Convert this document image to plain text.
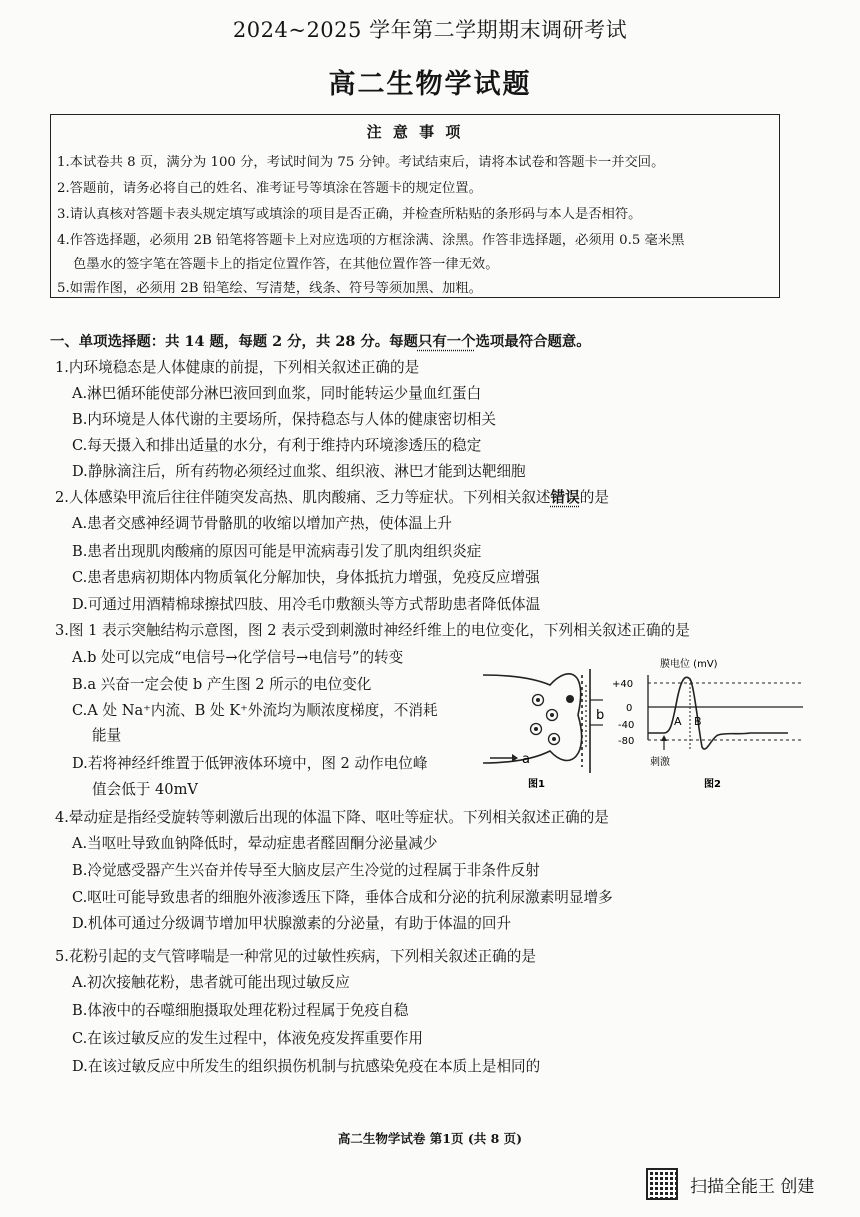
2024~2025 学年第二学期期末调研考试
高二生物学试题
注 意 事 项
1.本试卷共 8 页，满分为 100 分，考试时间为 75 分钟。考试结束后，请将本试卷和答题卡一并交回。
2.答题前，请务必将自己的姓名、准考证号等填涂在答题卡的规定位置。
3.请认真核对答题卡表头规定填写或填涂的项目是否正确，并检查所粘贴的条形码与本人是否相符。
4.作答选择题，必须用 2B 铅笔将答题卡上对应选项的方框涂满、涂黑。作答非选择题，必须用 0.5 毫米黑
色墨水的签字笔在答题卡上的指定位置作答，在其他位置作答一律无效。
5.如需作图，必须用 2B 铅笔绘、写清楚，线条、符号等须加黑、加粗。
一、单项选择题：共 14 题，每题 2 分，共 28 分。每题只有一个选项最符合题意。
1.内环境稳态是人体健康的前提，下列相关叙述正确的是
A.淋巴循环能使部分淋巴液回到血浆，同时能转运少量血红蛋白
B.内环境是人体代谢的主要场所，保持稳态与人体的健康密切相关
C.每天摄入和排出适量的水分，有利于维持内环境渗透压的稳定
D.静脉滴注后，所有药物必须经过血浆、组织液、淋巴才能到达靶细胞
2.人体感染甲流后往往伴随突发高热、肌肉酸痛、乏力等症状。下列相关叙述错误的是
A.患者交感神经调节骨骼肌的收缩以增加产热，使体温上升
B.患者出现肌肉酸痛的原因可能是甲流病毒引发了肌肉组织炎症
C.患者患病初期体内物质氧化分解加快，身体抵抗力增强，免疫反应增强
D.可通过用酒精棉球擦拭四肢、用冷毛巾敷额头等方式帮助患者降低体温
3.图 1 表示突触结构示意图，图 2 表示受到刺激时神经纤维上的电位变化，下列相关叙述正确的是
A.b 处可以完成“电信号→化学信号→电信号”的转变
B.a 兴奋一定会使 b 产生图 2 所示的电位变化
C.A 处 Na⁺内流、B 处 K⁺外流均为顺浓度梯度，不消耗
能量
D.若将神经纤维置于低钾液体环境中，图 2 动作电位峰
值会低于 40mV
a
b
图1
膜电位 (mV)
+40
0
-40
-80
A B
刺激
图2
4.晕动症是指经受旋转等刺激后出现的体温下降、呕吐等症状。下列相关叙述正确的是
A.当呕吐导致血钠降低时，晕动症患者醛固酮分泌量减少
B.冷觉感受器产生兴奋并传导至大脑皮层产生冷觉的过程属于非条件反射
C.呕吐可能导致患者的细胞外液渗透压下降，垂体合成和分泌的抗利尿激素明显增多
D.机体可通过分级调节增加甲状腺激素的分泌量，有助于体温的回升
5.花粉引起的支气管哮喘是一种常见的过敏性疾病，下列相关叙述正确的是
A.初次接触花粉，患者就可能出现过敏反应
B.体液中的吞噬细胞摄取处理花粉过程属于免疫自稳
C.在该过敏反应的发生过程中，体液免疫发挥重要作用
D.在该过敏反应中所发生的组织损伤机制与抗感染免疫在本质上是相同的
高二生物学试卷 第1页 (共 8 页)
扫描全能王 创建
